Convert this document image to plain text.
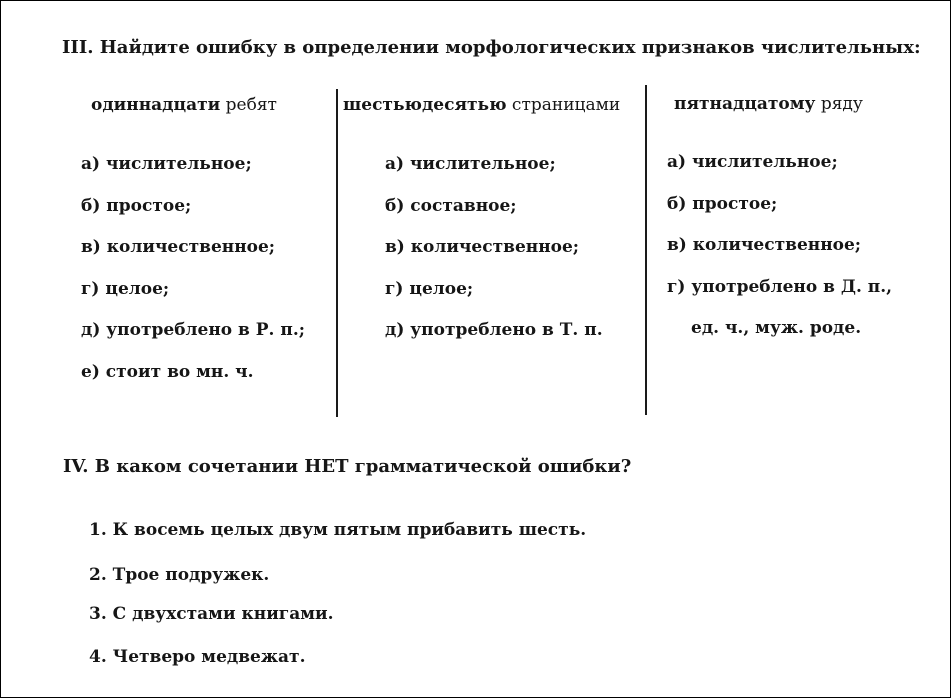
III. Найдите ошибку в определении морфологических признаков числительных:
одиннадцати ребят
а) числительное;
б) простое;
в) количественное;
г) целое;
д) употреблено в Р. п.;
е) стоит во мн. ч.
шестьюдесятью страницами
а) числительное;
б) составное;
в) количественное;
г) целое;
д) употреблено в Т. п.
пятнадцатому ряду
а) числительное;
б) простое;
в) количественное;
г) употреблено в Д. п.,
ед. ч., муж. роде.
IV. В каком сочетании НЕТ грамматической ошибки?
1. К восемь целых двум пятым прибавить шесть.
2. Трое подружек.
3. С двухстами книгами.
4. Четверо медвежат.
